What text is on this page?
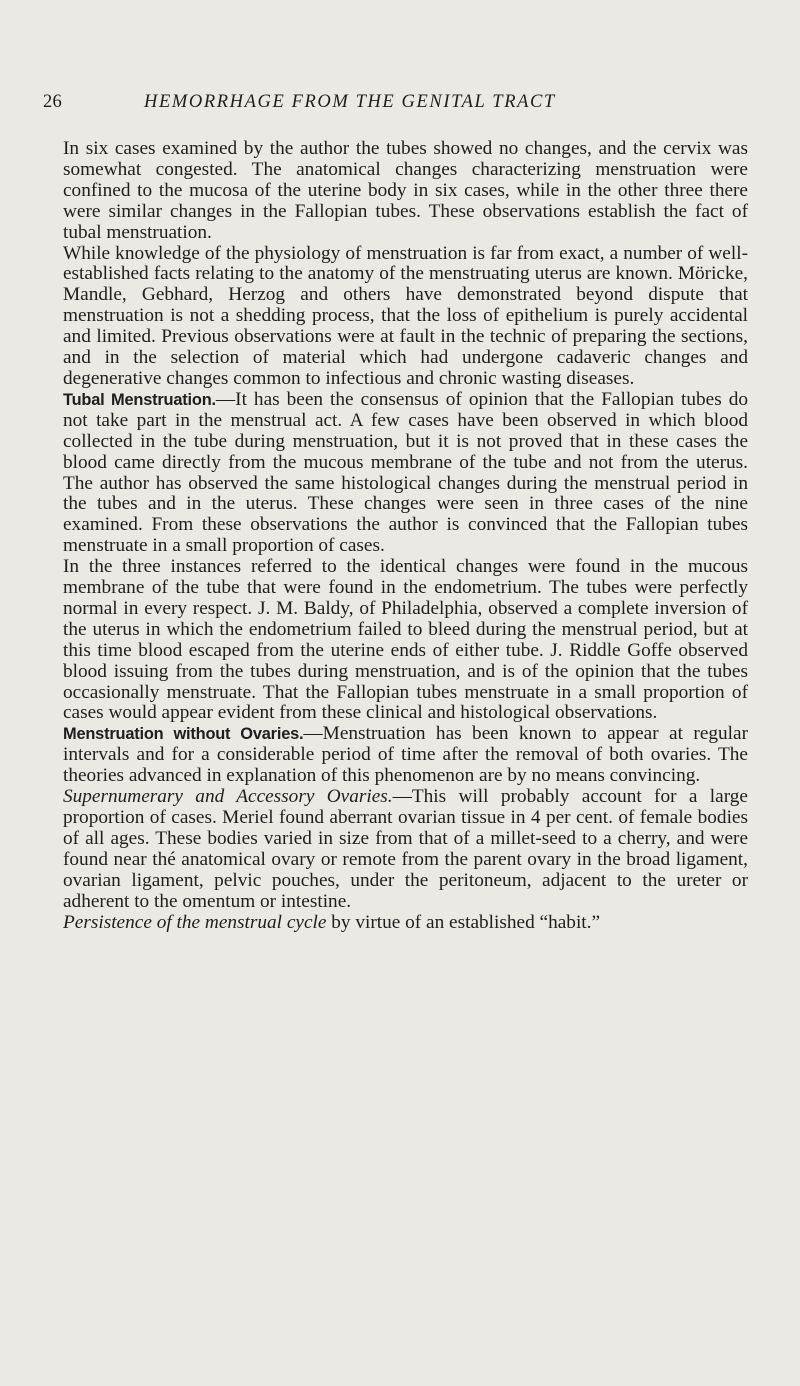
26	HEMORRHAGE FROM THE GENITAL TRACT

In six cases examined by the author the tubes showed no changes, and the cervix was somewhat congested. The anatomical changes characterizing menstruation were confined to the mucosa of the uterine body in six cases, while in the other three there were similar changes in the Fallopian tubes. These observations establish the fact of tubal menstruation.

While knowledge of the physiology of menstruation is far from exact, a number of well-established facts relating to the anatomy of the menstruating uterus are known. Möricke, Mandle, Gebhard, Herzog and others have demonstrated beyond dispute that menstruation is not a shedding process, that the loss of epithelium is purely accidental and limited. Previous observations were at fault in the technic of preparing the sections, and in the selection of material which had undergone cadaveric changes and degenerative changes common to infectious and chronic wasting diseases.

Tubal Menstruation.—It has been the consensus of opinion that the Fallopian tubes do not take part in the menstrual act. A few cases have been observed in which blood collected in the tube during menstruation, but it is not proved that in these cases the blood came directly from the mucous membrane of the tube and not from the uterus. The author has observed the same histological changes during the menstrual period in the tubes and in the uterus. These changes were seen in three cases of the nine examined. From these observations the author is convinced that the Fallopian tubes menstruate in a small proportion of cases.

In the three instances referred to the identical changes were found in the mucous membrane of the tube that were found in the endometrium. The tubes were perfectly normal in every respect. J. M. Baldy, of Philadelphia, observed a complete inversion of the uterus in which the endometrium failed to bleed during the menstrual period, but at this time blood escaped from the uterine ends of either tube. J. Riddle Goffe observed blood issuing from the tubes during menstruation, and is of the opinion that the tubes occasionally menstruate. That the Fallopian tubes menstruate in a small proportion of cases would appear evident from these clinical and histological observations.

Menstruation without Ovaries.—Menstruation has been known to appear at regular intervals and for a considerable period of time after the removal of both ovaries. The theories advanced in explanation of this phenomenon are by no means convincing.

Supernumerary and Accessory Ovaries.—This will probably account for a large proportion of cases. Meriel found aberrant ovarian tissue in 4 per cent. of female bodies of all ages. These bodies varied in size from that of a millet-seed to a cherry, and were found near thé anatomical ovary or remote from the parent ovary in the broad ligament, ovarian ligament, pelvic pouches, under the peritoneum, adjacent to the ureter or adherent to the omentum or intestine.

Persistence of the menstrual cycle by virtue of an established “habit.”
